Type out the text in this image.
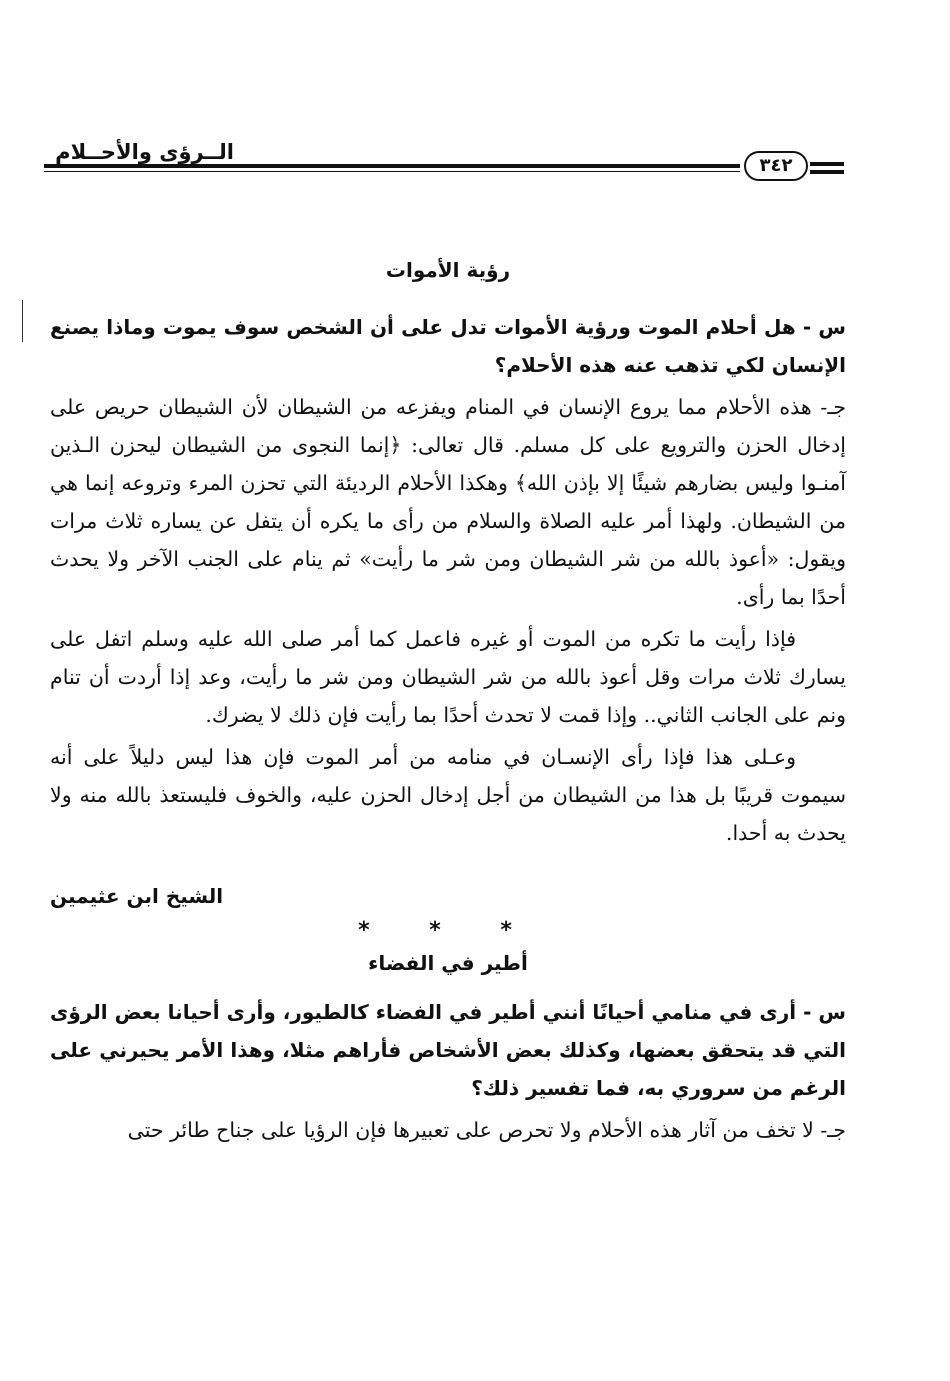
٣٤٢
الــرؤى والأحــلام
رؤية الأموات

س - هل أحلام الموت ورؤية الأموات تدل على أن الشخص سوف يموت وماذا يصنع الإنسان لكي تذهب عنه هذه الأحلام؟

جـ- هذه الأحلام مما يروع الإنسان في المنام ويفزعه من الشيطان لأن الشيطان حريص على إدخال الحزن والترويع على كل مسلم. قال تعالى: ﴿إنما النجوى من الشيطان ليحزن الـذين آمنـوا وليس بضارهم شيئًا إلا بإذن الله﴾ وهكذا الأحلام الرديئة التي تحزن المرء وتروعه إنما هي من الشيطان. ولهذا أمر عليه الصلاة والسلام من رأى ما يكره أن يتفل عن يساره ثلاث مرات ويقول: «أعوذ بالله من شر الشيطان ومن شر ما رأيت» ثم ينام على الجنب الآخر ولا يحدث أحدًا بما رأى.

فإذا رأيت ما تكره من الموت أو غيره فاعمل كما أمر صلى الله عليه وسلم اتفل على يسارك ثلاث مرات وقل أعوذ بالله من شر الشيطان ومن شر ما رأيت، وعد إذا أردت أن تنام ونم على الجانب الثاني.. وإذا قمت لا تحدث أحدًا بما رأيت فإن ذلك لا يضرك.

وعـلى هذا فإذا رأى الإنسـان في منامه من أمر الموت فإن هذا ليس دليلاً على أنه سيموت قريبًا بل هذا من الشيطان من أجل إدخال الحزن عليه، والخوف فليستعذ بالله منه ولا يحدث به أحدا.

الشيخ ابن عثيمين
* * *
أطير في الفضاء

س - أرى في منامي أحيانًا أنني أطير في الفضاء كالطيور، وأرى أحيانا بعض الرؤى التي قد يتحقق بعضها، وكذلك بعض الأشخاص فأراهم مثلا، وهذا الأمر يحيرني على الرغم من سروري به، فما تفسير ذلك؟

جـ- لا تخف من آثار هذه الأحلام ولا تحرص على تعبيرها فإن الرؤيا على جناح طائر حتى
